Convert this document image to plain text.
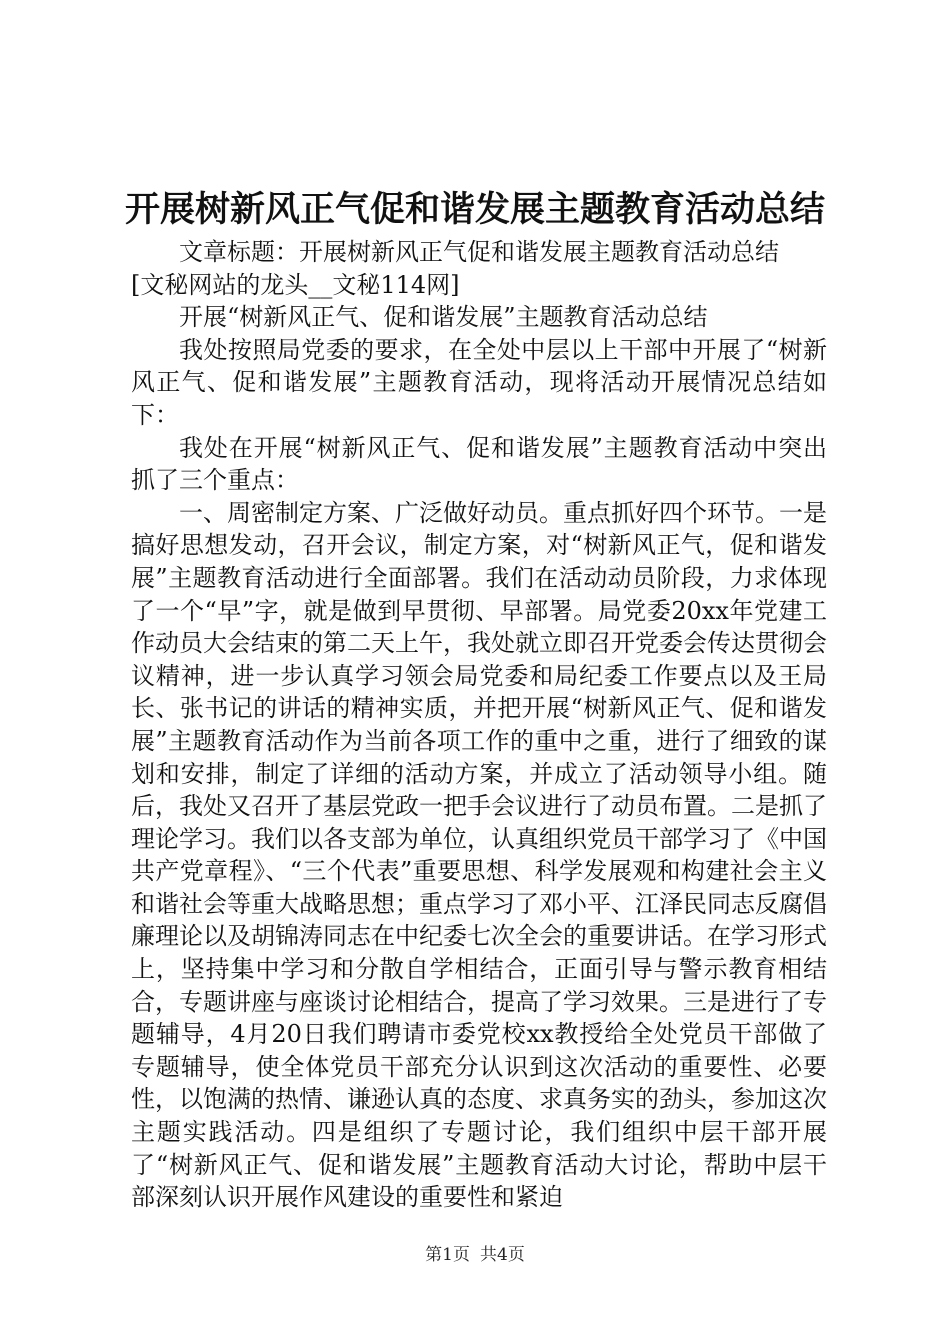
开展树新风正气促和谐发展主题教育活动总结

文章标题：开展树新风正气促和谐发展主题教育活动总结

[文秘网站的龙头__文秘114网]

开展“树新风正气、促和谐发展”主题教育活动总结

我处按照局党委的要求，在全处中层以上干部中开展了“树新风正气、促和谐发展”主题教育活动，现将活动开展情况总结如下：

我处在开展“树新风正气、促和谐发展”主题教育活动中突出抓了三个重点：

一、周密制定方案、广泛做好动员。重点抓好四个环节。一是搞好思想发动，召开会议，制定方案，对“树新风正气，促和谐发展”主题教育活动进行全面部署。我们在活动动员阶段，力求体现了一个“早”字，就是做到早贯彻、早部署。局党委20xx年党建工作动员大会结束的第二天上午，我处就立即召开党委会传达贯彻会议精神，进一步认真学习领会局党委和局纪委工作要点以及王局长、张书记的讲话的精神实质，并把开展“树新风正气、促和谐发展”主题教育活动作为当前各项工作的重中之重，进行了细致的谋划和安排，制定了详细的活动方案，并成立了活动领导小组。随后，我处又召开了基层党政一把手会议进行了动员布置。二是抓了理论学习。我们以各支部为单位，认真组织党员干部学习了《中国共产党章程》、“三个代表”重要思想、科学发展观和构建社会主义和谐社会等重大战略思想；重点学习了邓小平、江泽民同志反腐倡廉理论以及胡锦涛同志在中纪委七次全会的重要讲话。在学习形式上，坚持集中学习和分散自学相结合，正面引导与警示教育相结合，专题讲座与座谈讨论相结合，提高了学习效果。三是进行了专题辅导，4月20日我们聘请市委党校xx教授给全处党员干部做了专题辅导，使全体党员干部充分认识到这次活动的重要性、必要性，以饱满的热情、谦逊认真的态度、求真务实的劲头，参加这次主题实践活动。四是组织了专题讨论，我们组织中层干部开展了“树新风正气、促和谐发展”主题教育活动大讨论，帮助中层干部深刻认识开展作风建设的重要性和紧迫

第1页 共4页
